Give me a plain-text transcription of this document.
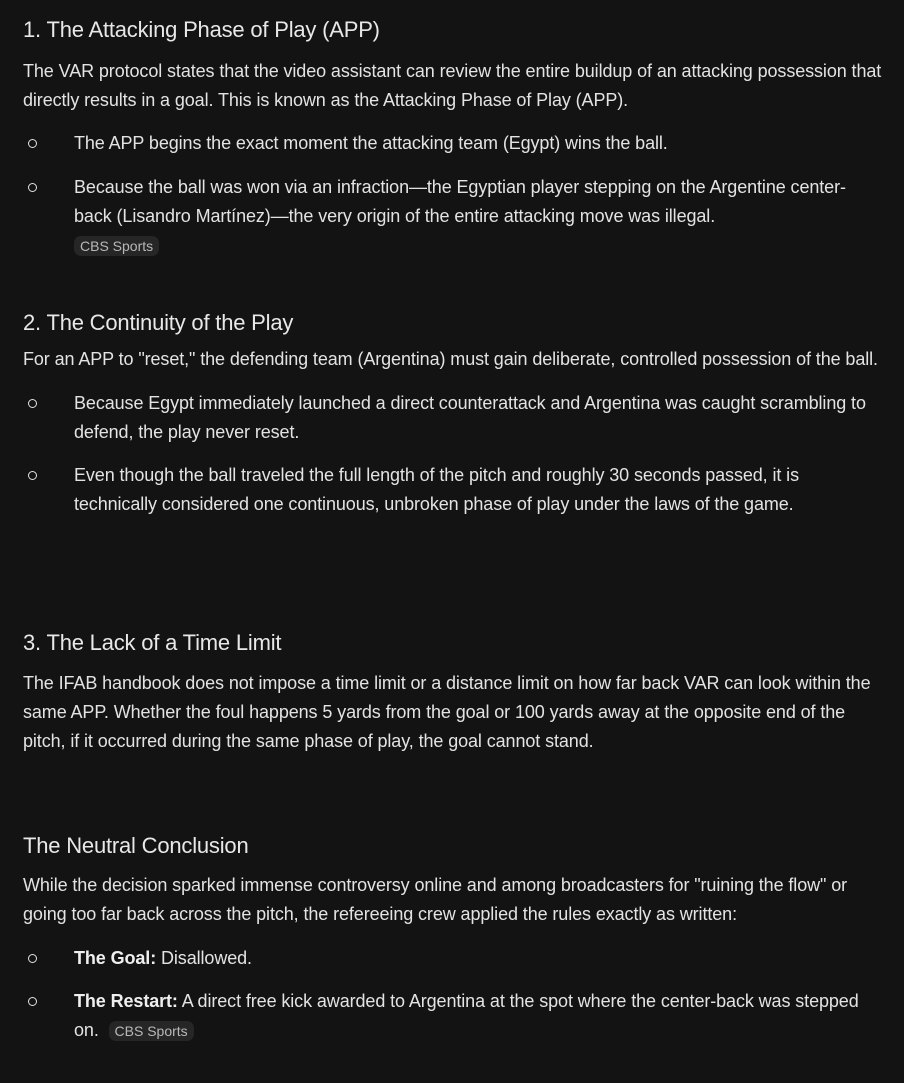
1. The Attacking Phase of Play (APP)

The VAR protocol states that the video assistant can review the entire buildup of an attacking possession that directly results in a goal. This is known as the Attacking Phase of Play (APP).

The APP begins the exact moment the attacking team (Egypt) wins the ball.
Because the ball was won via an infraction—the Egyptian player stepping on the Argentine center-back (Lisandro Martínez)—the very origin of the entire attacking move was illegal.
CBS Sports
2. The Continuity of the Play

For an APP to "reset," the defending team (Argentina) must gain deliberate, controlled possession of the ball.

Because Egypt immediately launched a direct counterattack and Argentina was caught scrambling to defend, the play never reset.
Even though the ball traveled the full length of the pitch and roughly 30 seconds passed, it is technically considered one continuous, unbroken phase of play under the laws of the game.
3. The Lack of a Time Limit

The IFAB handbook does not impose a time limit or a distance limit on how far back VAR can look within the same APP. Whether the foul happens 5 yards from the goal or 100 yards away at the opposite end of the pitch, if it occurred during the same phase of play, the goal cannot stand.

The Neutral Conclusion

While the decision sparked immense controversy online and among broadcasters for "ruining the flow" or going too far back across the pitch, the refereeing crew applied the rules exactly as written:

The Goal: Disallowed.
The Restart: A direct free kick awarded to Argentina at the spot where the center-back was stepped on. CBS Sports
